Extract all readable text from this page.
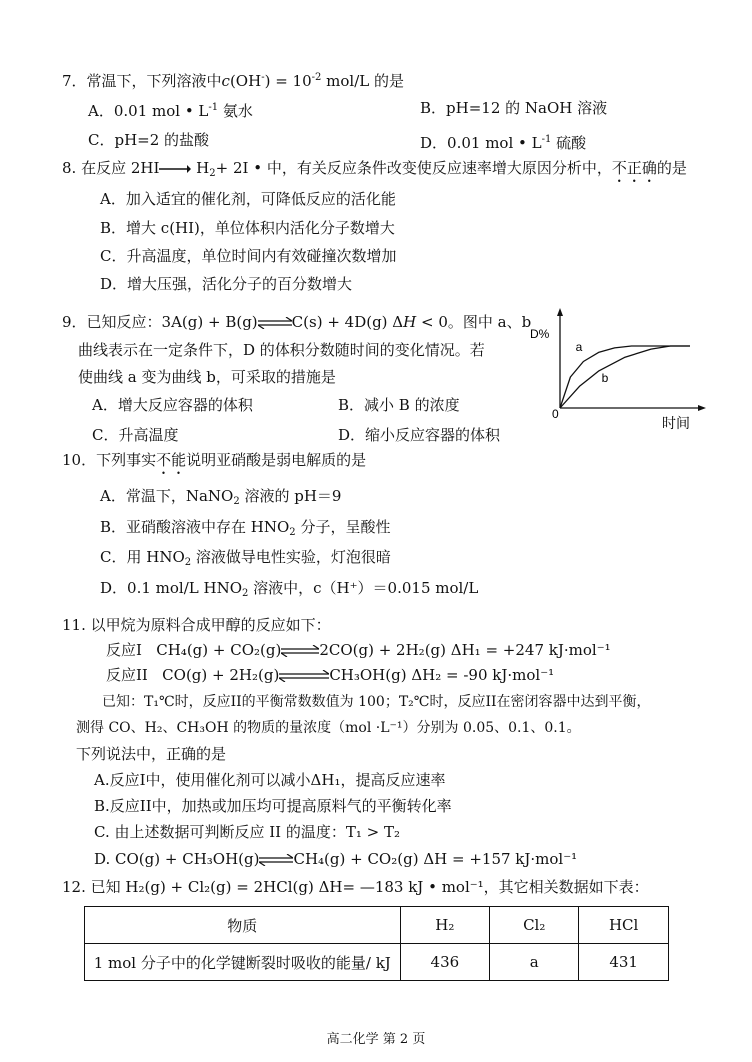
7．常温下，下列溶液中$c(OH^-) = 10^{-2}$ mol/L 的是
A．0.01 mol • $L^{-1}$ 氨水	B．pH=12 的 NaOH 溶液
C．pH=2 的盐酸	D．0.01 mol • $L^{-1}$ 硫酸
8. 在反应 $2HI\to H_2+ 2I$ • 中，有关反应条件改变使反应速率增大原因分析中，不正确的是
A．加入适宜的催化剂，可降低反应的活化能
B．增大 c(HI)，单位体积内活化分子数增大
C．升高温度，单位时间内有效碰撞次数增加
D．增大压强，活化分子的百分数增大
9．已知反应：3A(g) + B(g)⇌C(s) + 4D(g) ΔH < 0。图中 a、b
曲线表示在一定条件下，D 的体积分数随时间的变化情况。若
使曲线 a 变为曲线 b，可采取的措施是
A．增大反应容器的体积	B．减小 B 的浓度
C．升高温度	D．缩小反应容器的体积
D%
时间
0
a
b
10．下列事实不能说明亚硝酸是弱电解质的是
A．常温下，NaNO$_2$ 溶液的 pH＝9
B．亚硝酸溶液中存在 $HNO_2$ 分子，呈酸性
C．用 $HNO_2$ 溶液做导电性实验，灯泡很暗
D．0.1 mol/L $HNO_2$ 溶液中，c（H⁺）＝0.015 mol/L
11. 以甲烷为原料合成甲醇的反应如下：
反应I CH₄(g) + CO₂(g)⇌2CO(g) + 2H₂(g) ΔH₁ = +247 kJ·mol⁻¹
反应II CO(g) + 2H₂(g)⇌CH₃OH(g) ΔH₂ = -90 kJ·mol⁻¹
已知：T₁℃时，反应II的平衡常数数值为 100；T₂℃时，反应II在密闭容器中达到平衡，
测得 CO、H₂、CH₃OH 的物质的量浓度（mol ·L⁻¹）分别为 0.05、0.1、0.1。
下列说法中，正确的是
A.反应I中，使用催化剂可以减小ΔH₁，提高反应速率
B.反应II中，加热或加压均可提高原料气的平衡转化率
C. 由上述数据可判断反应 II 的温度：T₁ > T₂
D. CO(g) + CH₃OH(g)⇌CH₄(g) + CO₂(g) ΔH = +157 kJ·mol⁻¹
12. 已知 H₂(g) + Cl₂(g) = 2HCl(g) ΔH= —183 kJ • mol⁻¹，其它相关数据如下表：
物质	H₂	Cl₂	HCl
1 mol 分子中的化学键断裂时吸收的能量/ kJ	436	a	431
高二化学 第 2 页
